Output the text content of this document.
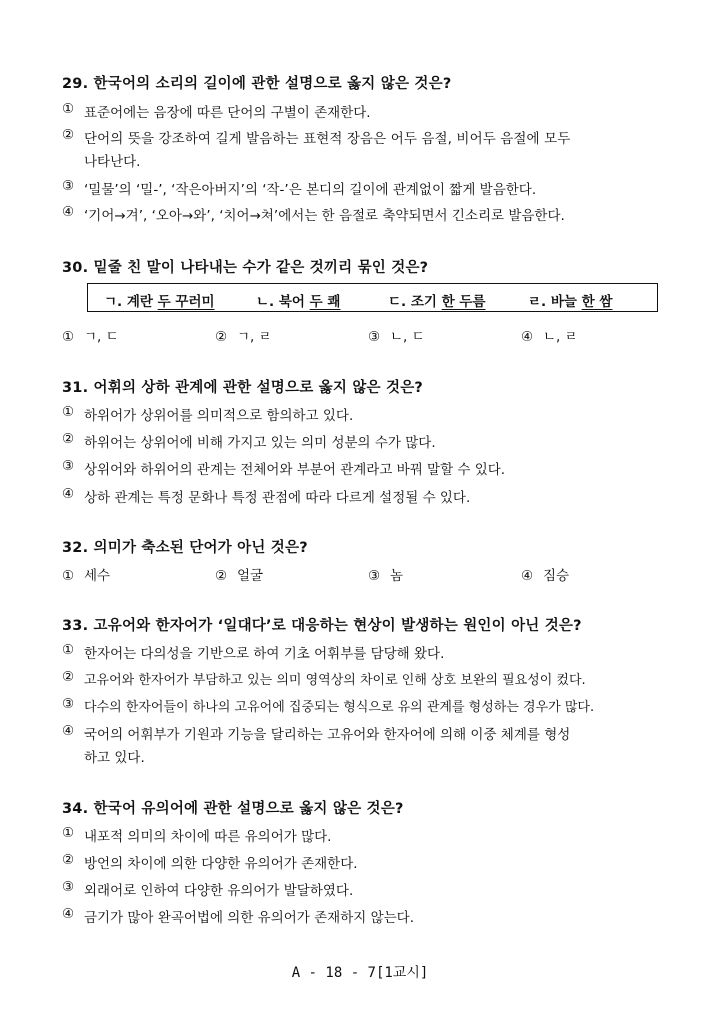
29. 한국어의 소리의 길이에 관한 설명으로 옳지 않은 것은?
① 표준어에는 음장에 따른 단어의 구별이 존재한다.
② 단어의 뜻을 강조하여 길게 발음하는 표현적 장음은 어두 음절, 비어두 음절에 모두
나타난다.
③ ‘밀물’의 ‘밀-’, ‘작은아버지’의 ‘작-’은 본디의 길이에 관계없이 짧게 발음한다.
④ ‘기어→겨’, ‘오아→와’, ‘치어→쳐’에서는 한 음절로 축약되면서 긴소리로 발음한다.
30. 밑줄 친 말이 나타내는 수가 같은 것끼리 묶인 것은?
ㄱ. 계란 두 꾸러미	ㄴ. 북어 두 쾌	ㄷ. 조기 한 두름	ㄹ. 바늘 한 쌈
① ㄱ, ㄷ	② ㄱ, ㄹ	③ ㄴ, ㄷ	④ ㄴ, ㄹ
31. 어휘의 상하 관계에 관한 설명으로 옳지 않은 것은?
① 하위어가 상위어를 의미적으로 함의하고 있다.
② 하위어는 상위어에 비해 가지고 있는 의미 성분의 수가 많다.
③ 상위어와 하위어의 관계는 전체어와 부분어 관계라고 바꿔 말할 수 있다.
④ 상하 관계는 특정 문화나 특정 관점에 따라 다르게 설정될 수 있다.
32. 의미가 축소된 단어가 아닌 것은?
① 세수	② 얼굴	③ 놈	④ 짐승
33. 고유어와 한자어가 ‘일대다’로 대응하는 현상이 발생하는 원인이 아닌 것은?
① 한자어는 다의성을 기반으로 하여 기초 어휘부를 담당해 왔다.
② 고유어와 한자어가 부담하고 있는 의미 영역상의 차이로 인해 상호 보완의 필요성이 컸다.
③ 다수의 한자어들이 하나의 고유어에 집중되는 형식으로 유의 관계를 형성하는 경우가 많다.
④ 국어의 어휘부가 기원과 기능을 달리하는 고유어와 한자어에 의해 이중 체계를 형성
하고 있다.
34. 한국어 유의어에 관한 설명으로 옳지 않은 것은?
① 내포적 의미의 차이에 따른 유의어가 많다.
② 방언의 차이에 의한 다양한 유의어가 존재한다.
③ 외래어로 인하여 다양한 유의어가 발달하였다.
④ 금기가 많아 완곡어법에 의한 유의어가 존재하지 않는다.
A - 18 - 7[1교시]
